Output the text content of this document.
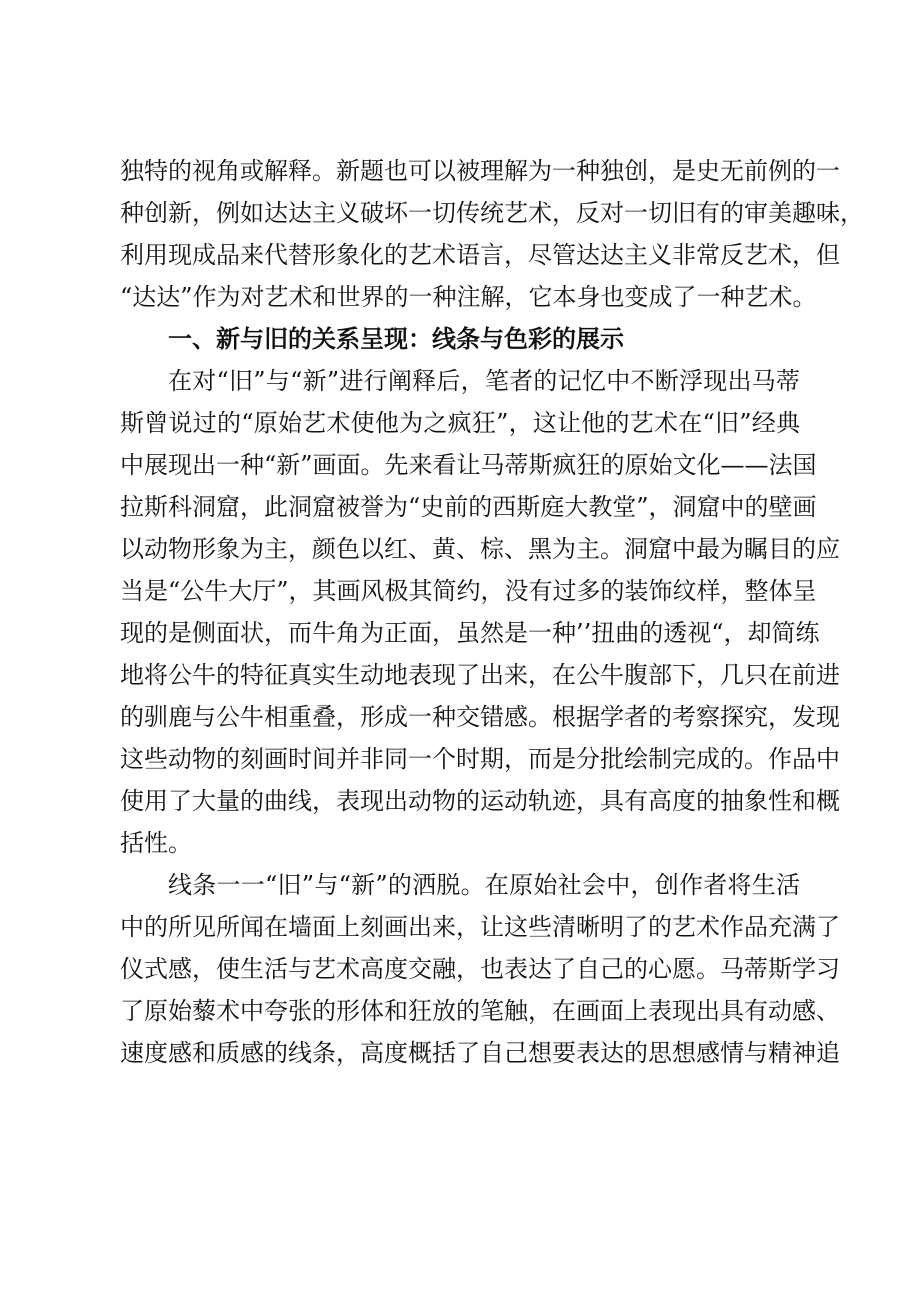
独特的视角或解释。新题也可以被理解为一种独创，是史无前例的一
种创新，例如达达主义破坏一切传统艺术，反对一切旧有的审美趣味，
利用现成品来代替形象化的艺术语言，尽管达达主义非常反艺术，但
“达达”作为对艺术和世界的一种注解，它本身也变成了一种艺术。
一、新与旧的关系呈现：线条与色彩的展示
在对“旧”与“新”进行阐释后，笔者的记忆中不断浮现出马蒂
斯曾说过的“原始艺术使他为之疯狂”，这让他的艺术在“旧”经典
中展现出一种“新”画面。先来看让马蒂斯疯狂的原始文化——法国
拉斯科洞窟，此洞窟被誉为“史前的西斯庭大教堂”，洞窟中的壁画
以动物形象为主，颜色以红、黄、棕、黑为主。洞窟中最为瞩目的应
当是“公牛大厅”，其画风极其简约，没有过多的装饰纹样，整体呈
现的是侧面状，而牛角为正面，虽然是一种’’扭曲的透视“，却简练
地将公牛的特征真实生动地表现了出来，在公牛腹部下，几只在前进
的驯鹿与公牛相重叠，形成一种交错感。根据学者的考察探究，发现
这些动物的刻画时间并非同一个时期，而是分批绘制完成的。作品中
使用了大量的曲线，表现出动物的运动轨迹，具有高度的抽象性和概
括性。
线条一一“旧”与“新”的洒脱。在原始社会中，创作者将生活
中的所见所闻在墙面上刻画出来，让这些清晰明了的艺术作品充满了
仪式感，使生活与艺术高度交融，也表达了自己的心愿。马蒂斯学习
了原始藜术中夸张的形体和狂放的笔触，在画面上表现出具有动感、
速度感和质感的线条，高度概括了自己想要表达的思想感情与精神追
